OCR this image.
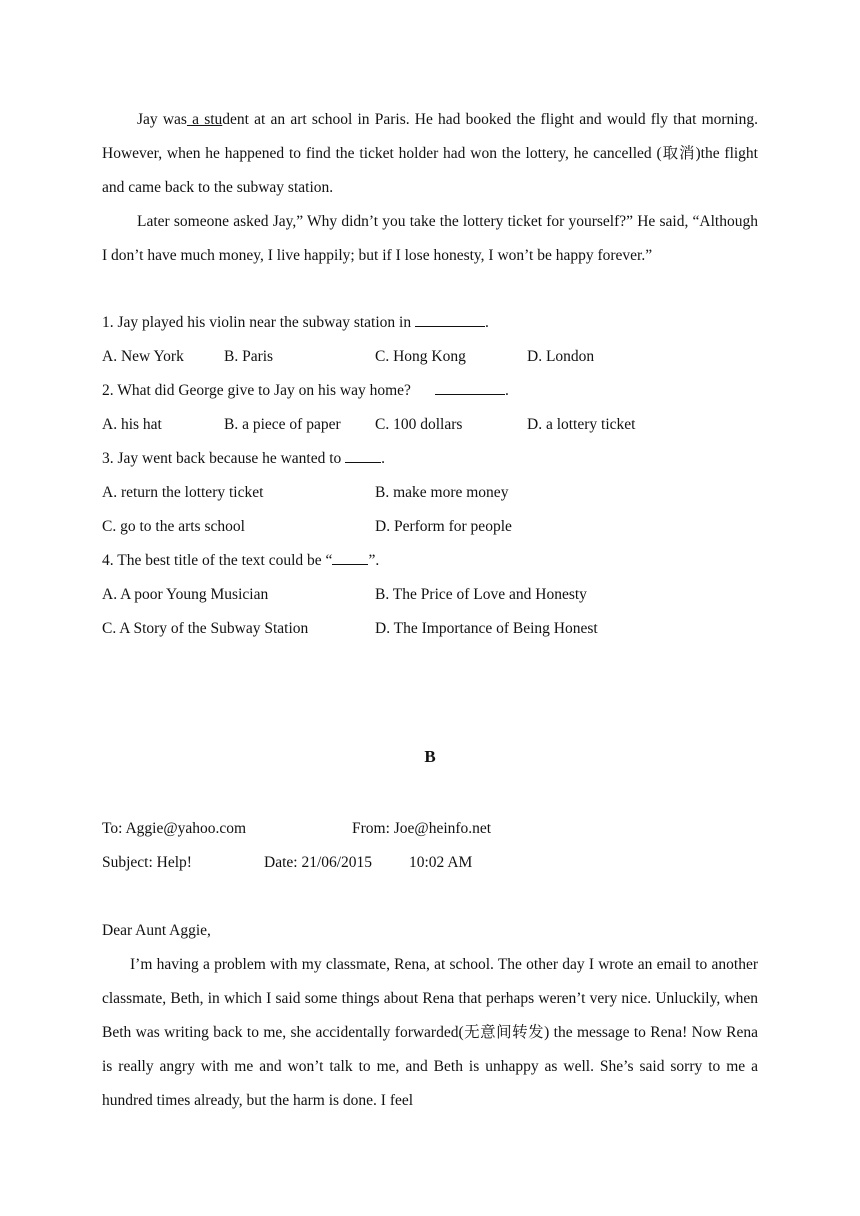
Jay was a student at an art school in Paris. He had booked the flight and would fly that morning. However, when he happened to find the ticket holder had won the lottery, he cancelled (取消)the flight and came back to the subway station.

Later someone asked Jay,” Why didn’t you take the lottery ticket for yourself?” He said, “Although I don’t have much money, I live happily; but if I lose honesty, I won’t be happy forever.”

1. Jay played his violin near the subway station in	.
A. New York	B. Paris	C. Hong Kong	D. London
2. What did George give to Jay on his way home?	.
A. his hat	B. a piece of paper	C. 100 dollars	D. a lottery ticket
3. Jay went back because he wanted to	.
A. return the lottery ticket	B. make more money
C. go to the arts school	D. Perform for people
4. The best title of the text could be “ ”.
A. A poor Young Musician	B. The Price of Love and Honesty
C. A Story of the Subway Station	D. The Importance of Being Honest
To: Aggie@yahoo.com	From: Joe@heinfo.net
Subject: Help!	Date: 21/06/2015 10:02 AM
Dear Aunt Aggie,

I’m having a problem with my classmate, Rena, at school. The other day I wrote an email to another classmate, Beth, in which I said some things about Rena that perhaps weren’t very nice. Unluckily, when Beth was writing back to me, she accidentally forwarded(无意间转发) the message to Rena! Now Rena is really angry with me and won’t talk to me, and Beth is unhappy as well. She’s said sorry to me a hundred times already, but the harm is done. I feel

B
